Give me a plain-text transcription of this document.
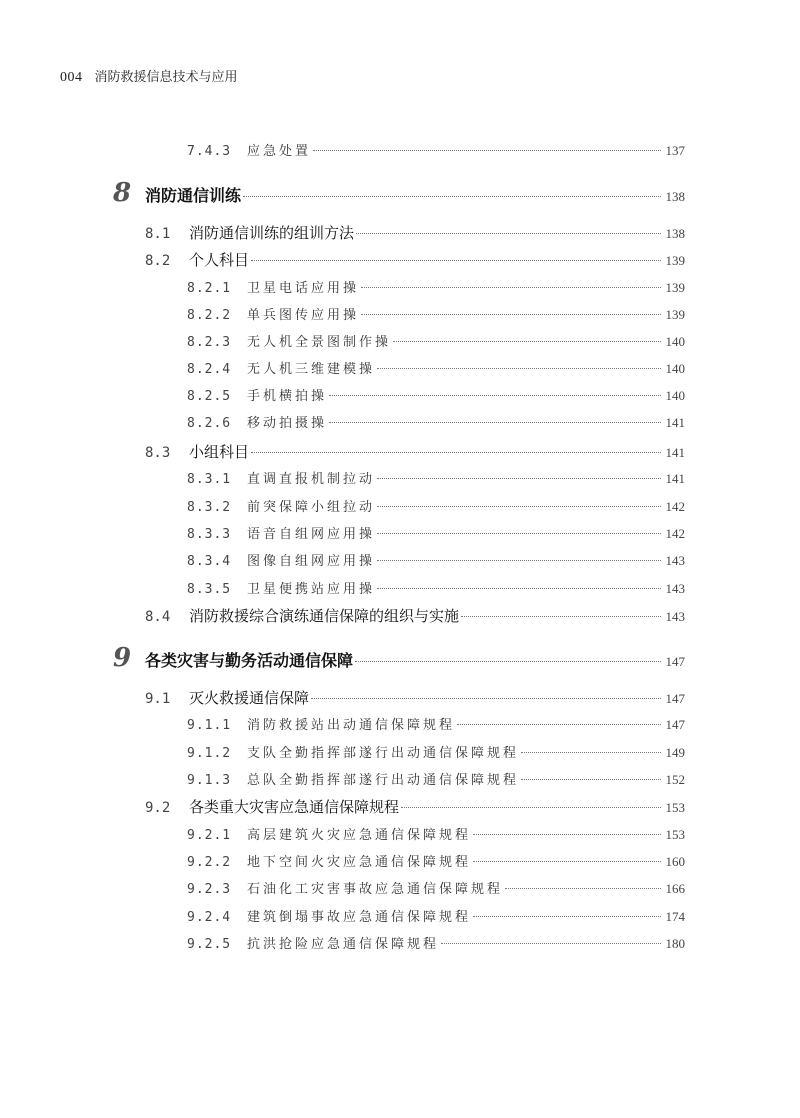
004 消防救援信息技术与应用
7.4.3	应急处置	137
8 消防通信训练	138
8.1	消防通信训练的组训方法	138
8.2	个人科目	139
8.2.1	卫星电话应用操	139
8.2.2	单兵图传应用操	139
8.2.3	无人机全景图制作操	140
8.2.4	无人机三维建模操	140
8.2.5	手机横拍操	140
8.2.6	移动拍摄操	141
8.3	小组科目	141
8.3.1	直调直报机制拉动	141
8.3.2	前突保障小组拉动	142
8.3.3	语音自组网应用操	142
8.3.4	图像自组网应用操	143
8.3.5	卫星便携站应用操	143
8.4	消防救援综合演练通信保障的组织与实施	143
9 各类灾害与勤务活动通信保障	147
9.1	灭火救援通信保障	147
9.1.1	消防救援站出动通信保障规程	147
9.1.2	支队全勤指挥部遂行出动通信保障规程	149
9.1.3	总队全勤指挥部遂行出动通信保障规程	152
9.2	各类重大灾害应急通信保障规程	153
9.2.1	高层建筑火灾应急通信保障规程	153
9.2.2	地下空间火灾应急通信保障规程	160
9.2.3	石油化工灾害事故应急通信保障规程	166
9.2.4	建筑倒塌事故应急通信保障规程	174
9.2.5	抗洪抢险应急通信保障规程	180
